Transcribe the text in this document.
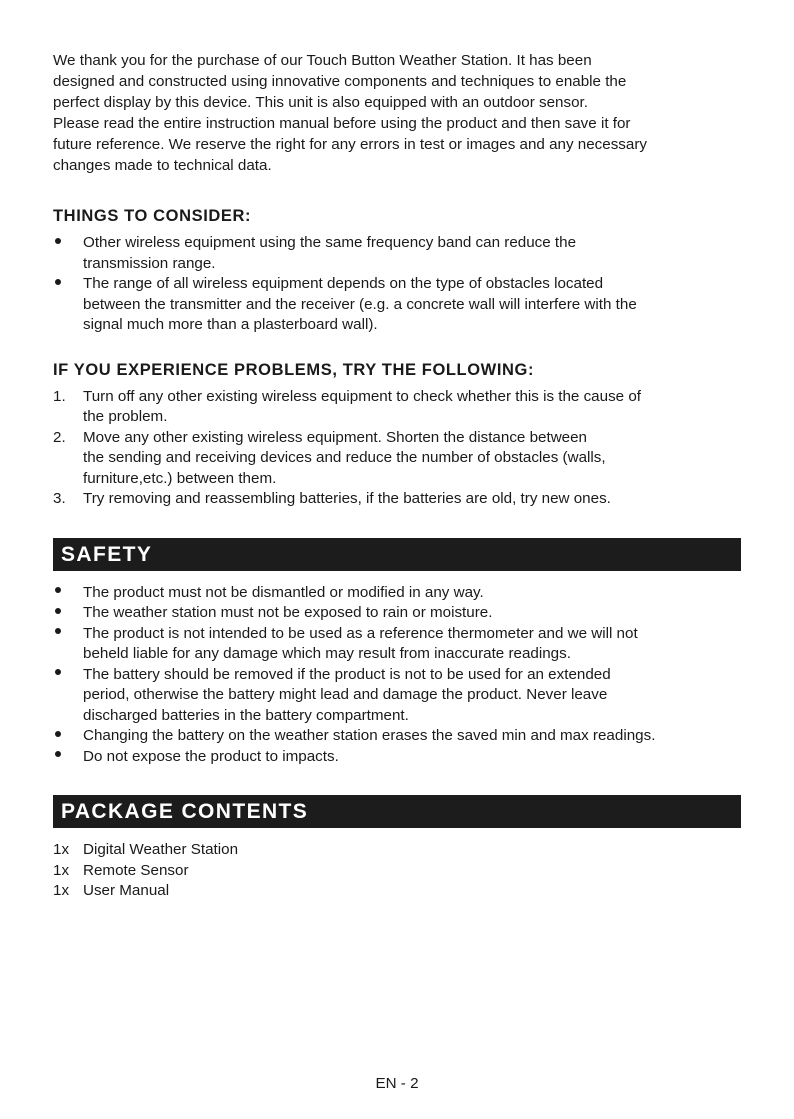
We thank you for the purchase of our Touch Button Weather Station. It has been
designed and constructed using innovative components and techniques to enable the
perfect display by this device. This unit is also equipped with an outdoor sensor.
Please read the entire instruction manual before using the product and then save it for
future reference. We reserve the right for any errors in test or images and any necessary
changes made to technical data.

THINGS TO CONSIDER:
Other wireless equipment using the same frequency band can reduce the
transmission range.
The range of all wireless equipment depends on the type of obstacles located
between the transmitter and the receiver (e.g. a concrete wall will interfere with the
signal much more than a plasterboard wall).
IF YOU EXPERIENCE PROBLEMS, TRY THE FOLLOWING:
1.	Turn off any other existing wireless equipment to check whether this is the cause of
the problem.
2.	Move any other existing wireless equipment. Shorten the distance between
the sending and receiving devices and reduce the number of obstacles (walls,
furniture,etc.) between them.
3.	Try removing and reassembling batteries, if the batteries are old, try new ones.
SAFETY
The product must not be dismantled or modified in any way.
The weather station must not be exposed to rain or moisture.
The product is not intended to be used as a reference thermometer and we will not
beheld liable for any damage which may result from inaccurate readings.
The battery should be removed if the product is not to be used for an extended
period, otherwise the battery might lead and damage the product. Never leave
discharged batteries in the battery compartment.
Changing the battery on the weather station erases the saved min and max readings.
Do not expose the product to impacts.
PACKAGE CONTENTS
1x Digital Weather Station
1x Remote Sensor
1x User Manual
EN - 2
